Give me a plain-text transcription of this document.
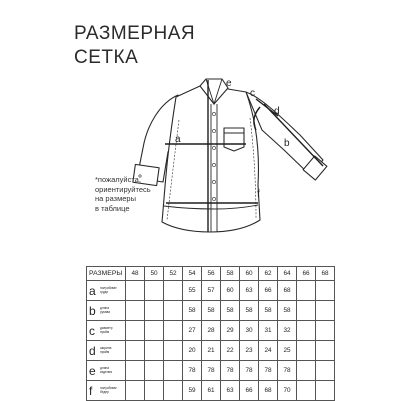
РАЗМЕРНАЯ
СЕТКА
a	b
c
d
e
f
*пожалуйста,
ориентируйтесь
на размеры
в таблице
РАЗМЕРЫ	48	50	52	54	56	58	60	62	64	66	68

a полуобхват
груди				55	57	60	63	66	68		

b длина
рукава				58	58	58	58	58	58		

c диаметр
пройм				27	28	29	30	31	32		

d ширина
пройм				20	21	22	23	24	25		

e длина
изделия				78	78	78	78	78	78		

f полуобхват
бедер				59	61	63	66	68	70		
